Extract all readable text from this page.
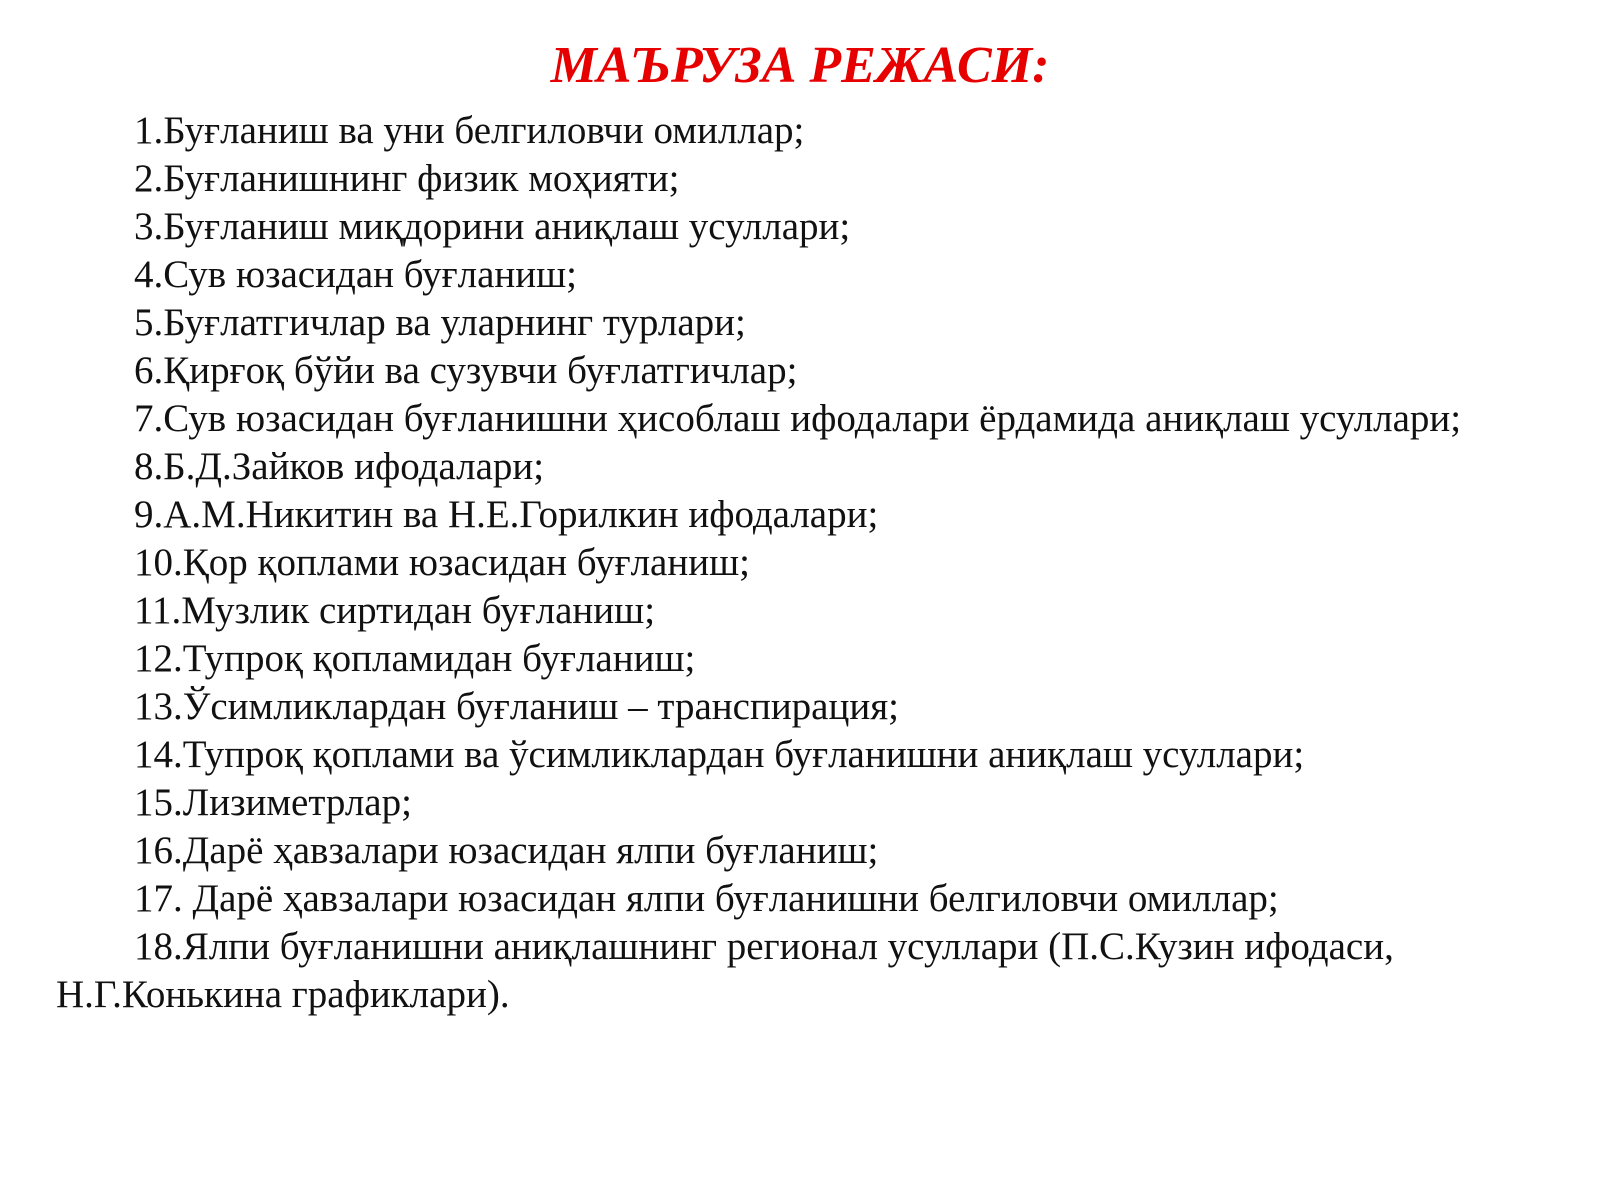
МАЪРУЗА РЕЖАСИ:
1.Буғланиш ва уни белгиловчи омиллар;
2.Буғланишнинг физик моҳияти;
3.Буғланиш миқдорини аниқлаш усуллари;
4.Сув юзасидан буғланиш;
5.Буғлатгичлар ва уларнинг турлари;
6.Қирғоқ бўйи ва сузувчи буғлатгичлар;
7.Сув юзасидан буғланишни ҳисоблаш ифодалари ёрдамида аниқлаш усуллари;
8.Б.Д.Зайков ифодалари;
9.А.М.Никитин ва Н.Е.Горилкин ифодалари;
10.Қор қоплами юзасидан буғланиш;
11.Музлик сиртидан буғланиш;
12.Тупроқ қопламидан буғланиш;
13.Ўсимликлардан буғланиш – транспирация;
14.Тупроқ қоплами ва ўсимликлардан буғланишни аниқлаш усуллари;
15.Лизиметрлар;
16.Дарё ҳавзалари юзасидан ялпи буғланиш;
17. Дарё ҳавзалари юзасидан ялпи буғланишни белгиловчи омиллар;
18.Ялпи буғланишни аниқлашнинг регионал усуллари (П.С.Кузин ифодаси, Н.Г.Конькина графиклари).
